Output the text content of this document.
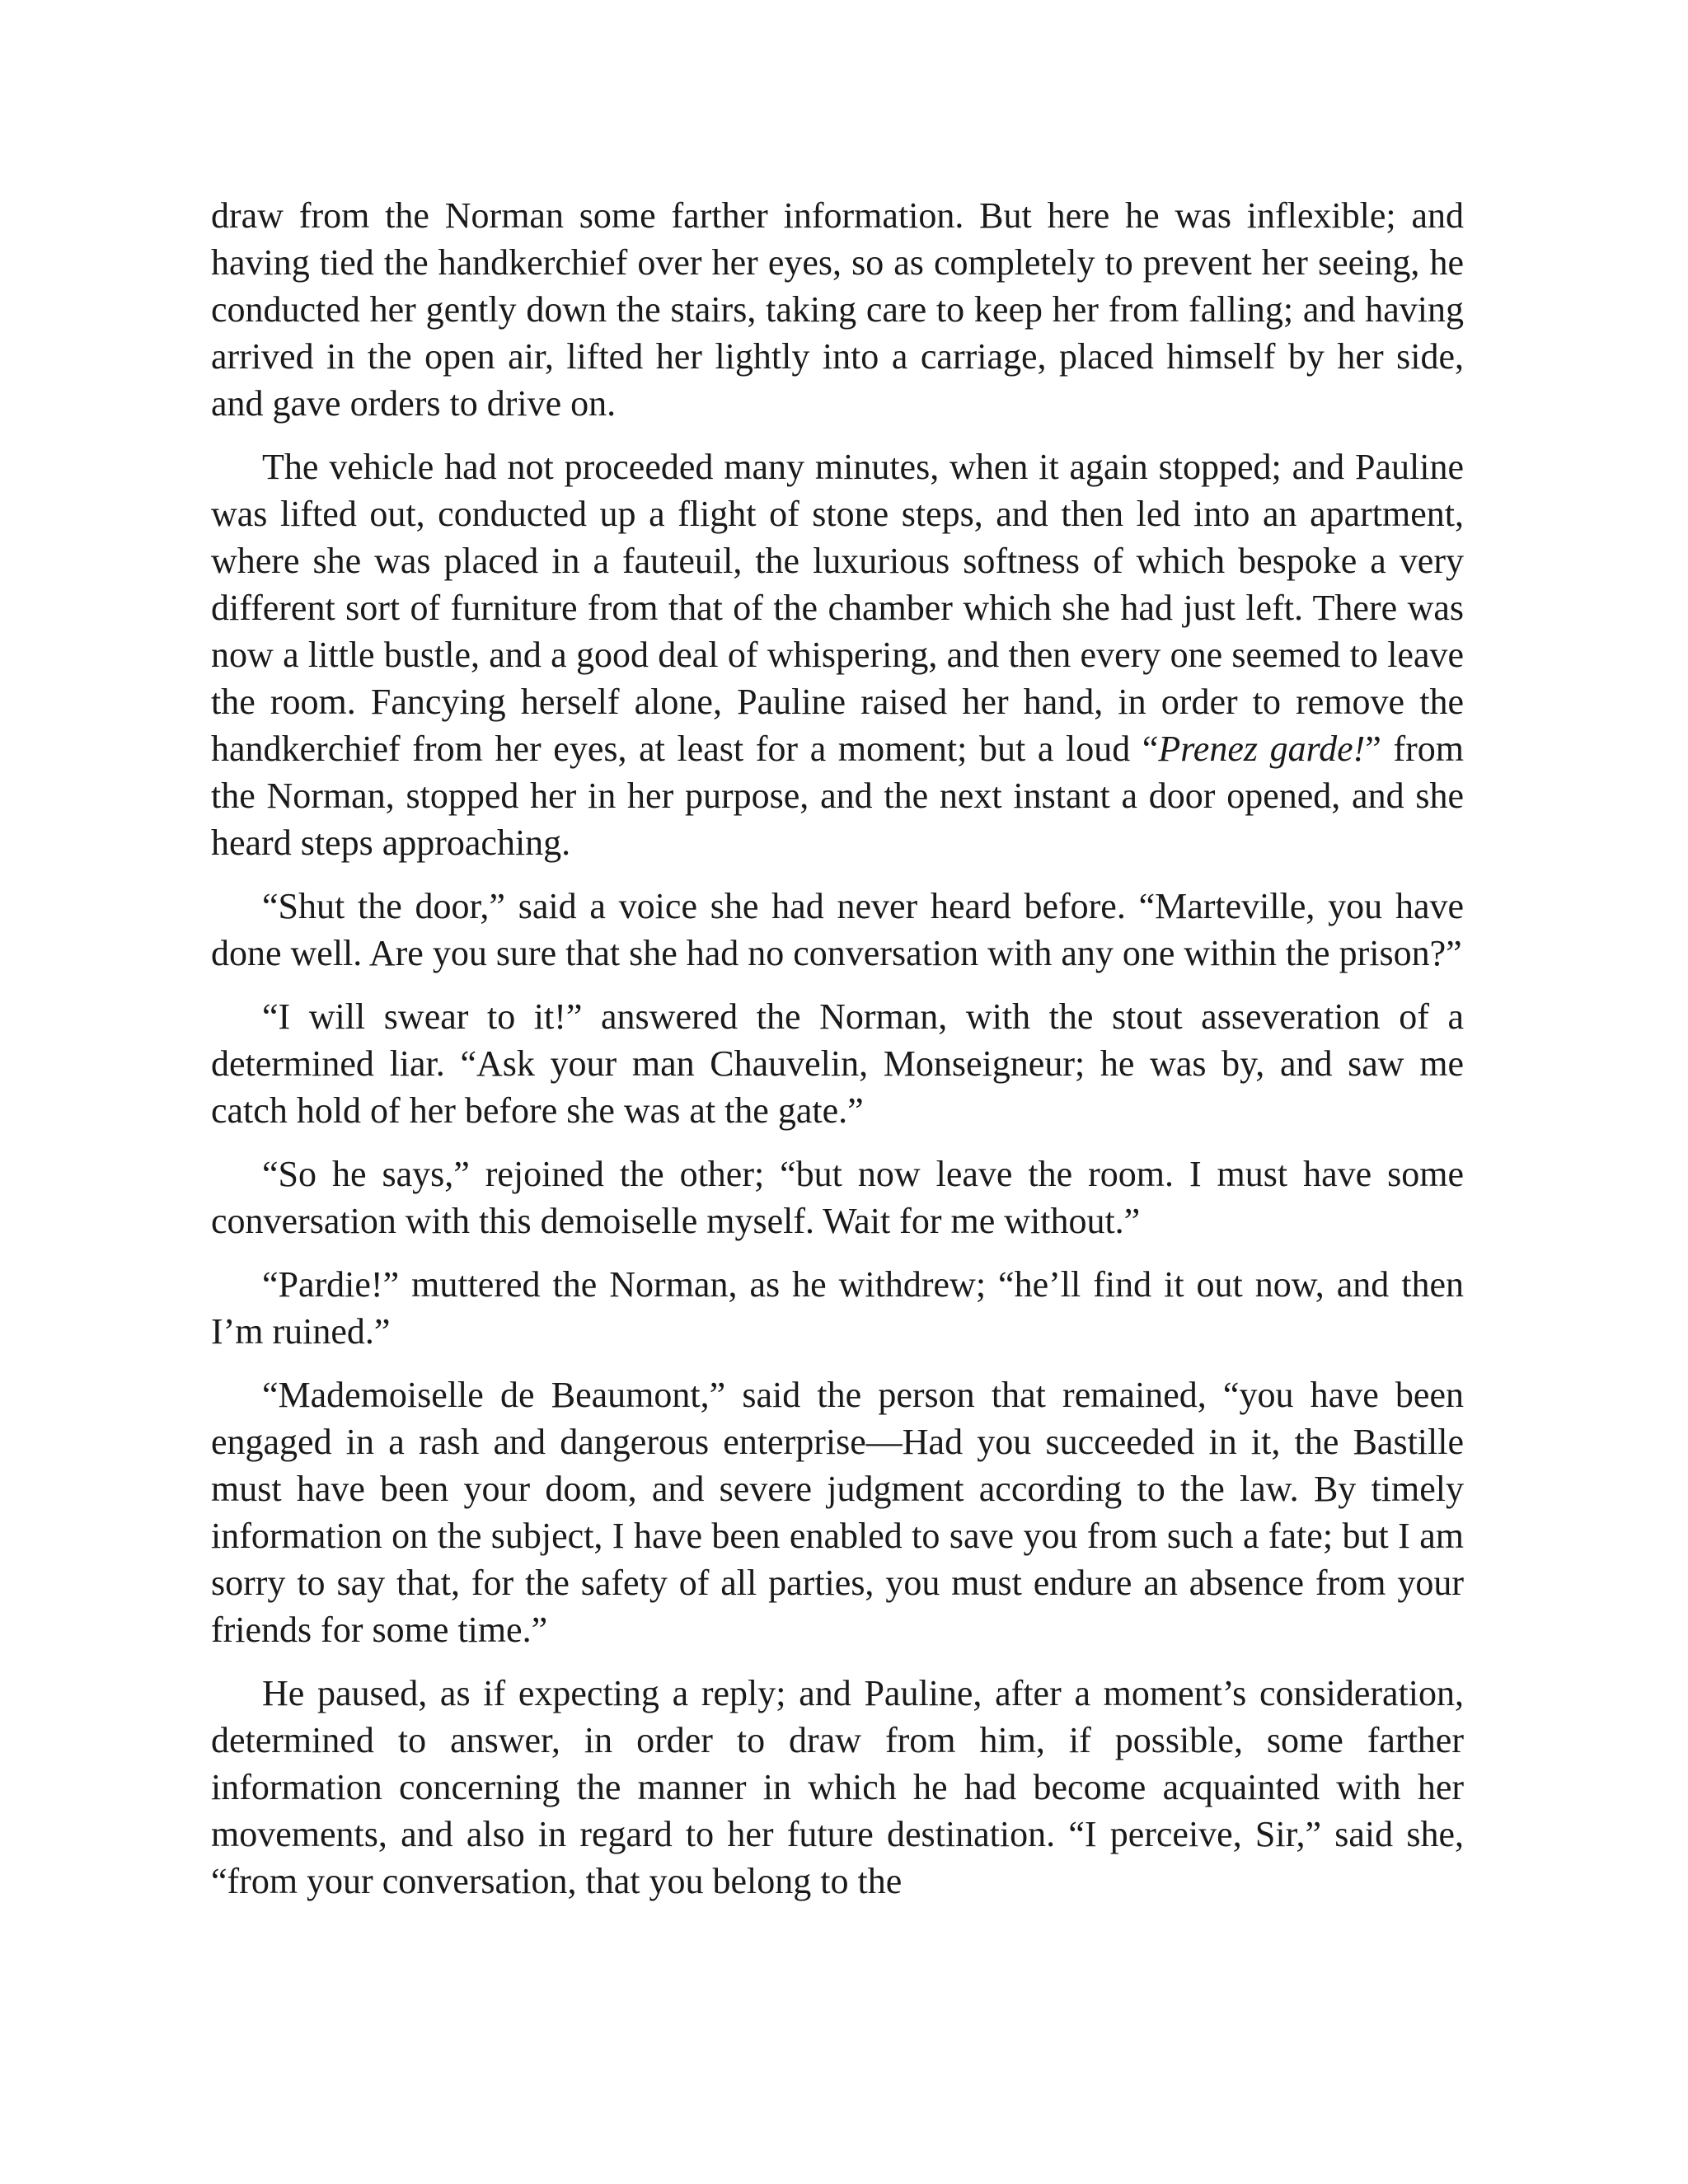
draw from the Norman some farther information. But here he was inflexible; and having tied the handkerchief over her eyes, so as completely to prevent her seeing, he conducted her gently down the stairs, taking care to keep her from falling; and having arrived in the open air, lifted her lightly into a carriage, placed himself by her side, and gave orders to drive on.

The vehicle had not proceeded many minutes, when it again stopped; and Pauline was lifted out, conducted up a flight of stone steps, and then led into an apartment, where she was placed in a fauteuil, the luxurious softness of which bespoke a very different sort of furniture from that of the chamber which she had just left. There was now a little bustle, and a good deal of whispering, and then every one seemed to leave the room. Fancying herself alone, Pauline raised her hand, in order to remove the handkerchief from her eyes, at least for a moment; but a loud “Prenez garde!” from the Norman, stopped her in her purpose, and the next instant a door opened, and she heard steps approaching.

“Shut the door,” said a voice she had never heard before. “Marteville, you have done well. Are you sure that she had no conversation with any one within the prison?”

“I will swear to it!” answered the Norman, with the stout asseveration of a determined liar. “Ask your man Chauvelin, Monseigneur; he was by, and saw me catch hold of her before she was at the gate.”

“So he says,” rejoined the other; “but now leave the room. I must have some conversation with this demoiselle myself. Wait for me without.”

“Pardie!” muttered the Norman, as he withdrew; “he’ll find it out now, and then I’m ruined.”

“Mademoiselle de Beaumont,” said the person that remained, “you have been engaged in a rash and dangerous enterprise—Had you succeeded in it, the Bastille must have been your doom, and severe judgment according to the law. By timely information on the subject, I have been enabled to save you from such a fate; but I am sorry to say that, for the safety of all parties, you must endure an absence from your friends for some time.”

He paused, as if expecting a reply; and Pauline, after a moment’s consideration, determined to answer, in order to draw from him, if possible, some farther information concerning the manner in which he had become acquainted with her movements, and also in regard to her future destination. “I perceive, Sir,” said she, “from your conversation, that you belong to the
